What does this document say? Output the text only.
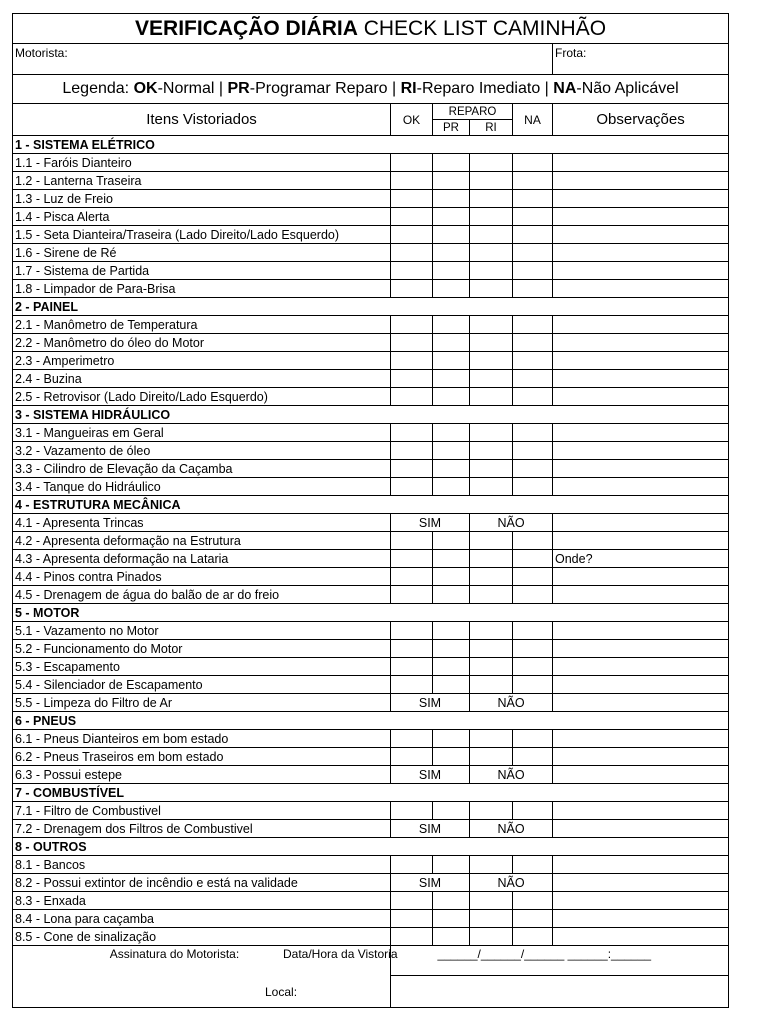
VERIFICAÇÃO DIÁRIA CHECK LIST CAMINHÃO					
Motorista:					Frota:
Legenda: OK-Normal | PR-Programar Reparo | RI-Reparo Imediato | NA-Não Aplicável					
Itens Vistoriados	OK	REPARO		NA	Observações
		PR	RI		
1 - SISTEMA ELÉTRICO					
1.1 - Faróis Dianteiro					
1.2 - Lanterna Traseira					
1.3 - Luz de Freio					
1.4 - Pisca Alerta					
1.5 - Seta Dianteira/Traseira (Lado Direito/Lado Esquerdo)					
1.6 - Sirene de Ré					
1.7 - Sistema de Partida					
1.8 - Limpador de Para-Brisa					
2 - PAINEL					
2.1 - Manômetro de Temperatura					
2.2 - Manômetro do óleo do Motor					
2.3 - Amperimetro					
2.4 - Buzina					
2.5 - Retrovisor (Lado Direito/Lado Esquerdo)					
3 - SISTEMA HIDRÁULICO					
3.1 - Mangueiras em Geral					
3.2 - Vazamento de óleo					
3.3 - Cilindro de Elevação da Caçamba					
3.4 - Tanque do Hidráulico					
4 - ESTRUTURA MECÂNICA					
4.1 - Apresenta Trincas	SIM		NÃO		
4.2 - Apresenta deformação na Estrutura					
4.3 - Apresenta deformação na Lataria					Onde?
4.4 - Pinos contra Pinados					
4.5 - Drenagem de água do balão de ar do freio					
5 - MOTOR					
5.1 - Vazamento no Motor					
5.2 - Funcionamento do Motor					
5.3 - Escapamento					
5.4 - Silenciador de Escapamento					
5.5 - Limpeza do Filtro de Ar	SIM		NÃO		
6 - PNEUS					
6.1 - Pneus Dianteiros em bom estado					
6.2 - Pneus Traseiros em bom estado					
6.3 - Possui estepe	SIM		NÃO		
7 - COMBUSTÍVEL					
7.1 - Filtro de Combustivel					
7.2 - Drenagem dos Filtros de Combustivel	SIM		NÃO		
8 - OUTROS					
8.1 - Bancos					
8.2 - Possui extintor de incêndio e está na validade	SIM		NÃO		
8.3 - Enxada					
8.4 - Lona para caçamba					
8.5 - Cone de sinalização					
Assinatura do Motorista:	Data/Hora da Vistoria ______/______/______ ______:______				
	Local:				
